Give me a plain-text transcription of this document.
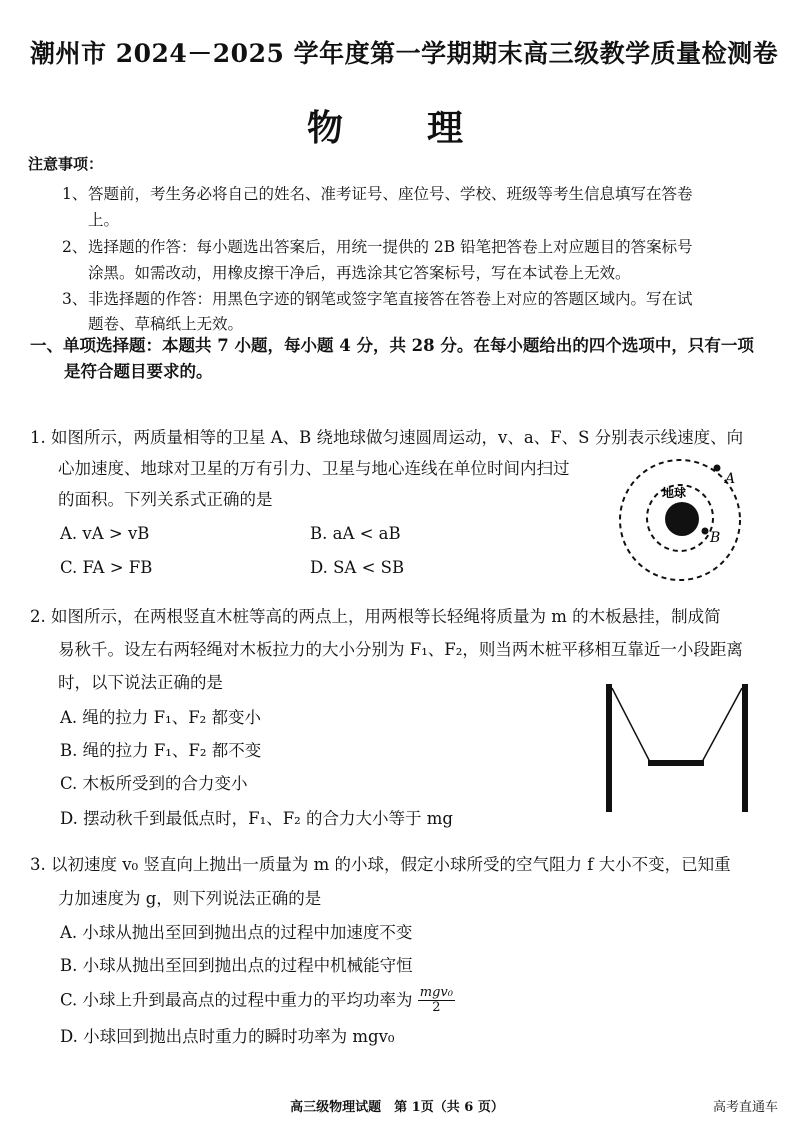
潮州市 2024－2025 学年度第一学期期末高三级教学质量检测卷
物　理
注意事项：
1、 答题前，考生务必将自己的姓名、准考证号、座位号、学校、班级等考生信息填写在答卷
上。
2、 选择题的作答：每小题选出答案后，用统一提供的 2B 铅笔把答卷上对应题目的答案标号
涂黑。如需改动，用橡皮擦干净后，再选涂其它答案标号，写在本试卷上无效。
3、 非选择题的作答：用黑色字迹的钢笔或签字笔直接答在答卷上对应的答题区域内。写在试
题卷、草稿纸上无效。
一、单项选择题：本题共 7 小题，每小题 4 分，共 28 分。在每小题给出的四个选项中，只有一项
是符合题目要求的。
1. 如图所示，两质量相等的卫星 A、B 绕地球做匀速圆周运动，v、a、F、S 分别表示线速度、向
心加速度、地球对卫星的万有引力、卫星与地心连线在单位时间内扫过
的面积。下列关系式正确的是
A. vA > vB	B. aA < aB
C. FA > FB	D. SA < SB
地球
A
B
2. 如图所示，在两根竖直木桩等高的两点上，用两根等长轻绳将质量为 m 的木板悬挂，制成简
易秋千。设左右两轻绳对木板拉力的大小分别为 F₁、F₂，则当两木桩平移相互靠近一小段距离
时，以下说法正确的是
A. 绳的拉力 F₁、F₂ 都变小
B. 绳的拉力 F₁、F₂ 都不变
C. 木板所受到的合力变小
D. 摆动秋千到最低点时，F₁、F₂ 的合力大小等于 mg
3. 以初速度 v₀ 竖直向上抛出一质量为 m 的小球，假定小球所受的空气阻力 f 大小不变，已知重
力加速度为 g，则下列说法正确的是
A. 小球从抛出至回到抛出点的过程中加速度不变
B. 小球从抛出至回到抛出点的过程中机械能守恒
C. 小球上升到最高点的过程中重力的平均功率为 $\frac{\text{mgv₀}}{2}$
D. 小球回到抛出点时重力的瞬时功率为 mgv₀
高三级物理试题　第 1页（共 6 页）	高考直通车
